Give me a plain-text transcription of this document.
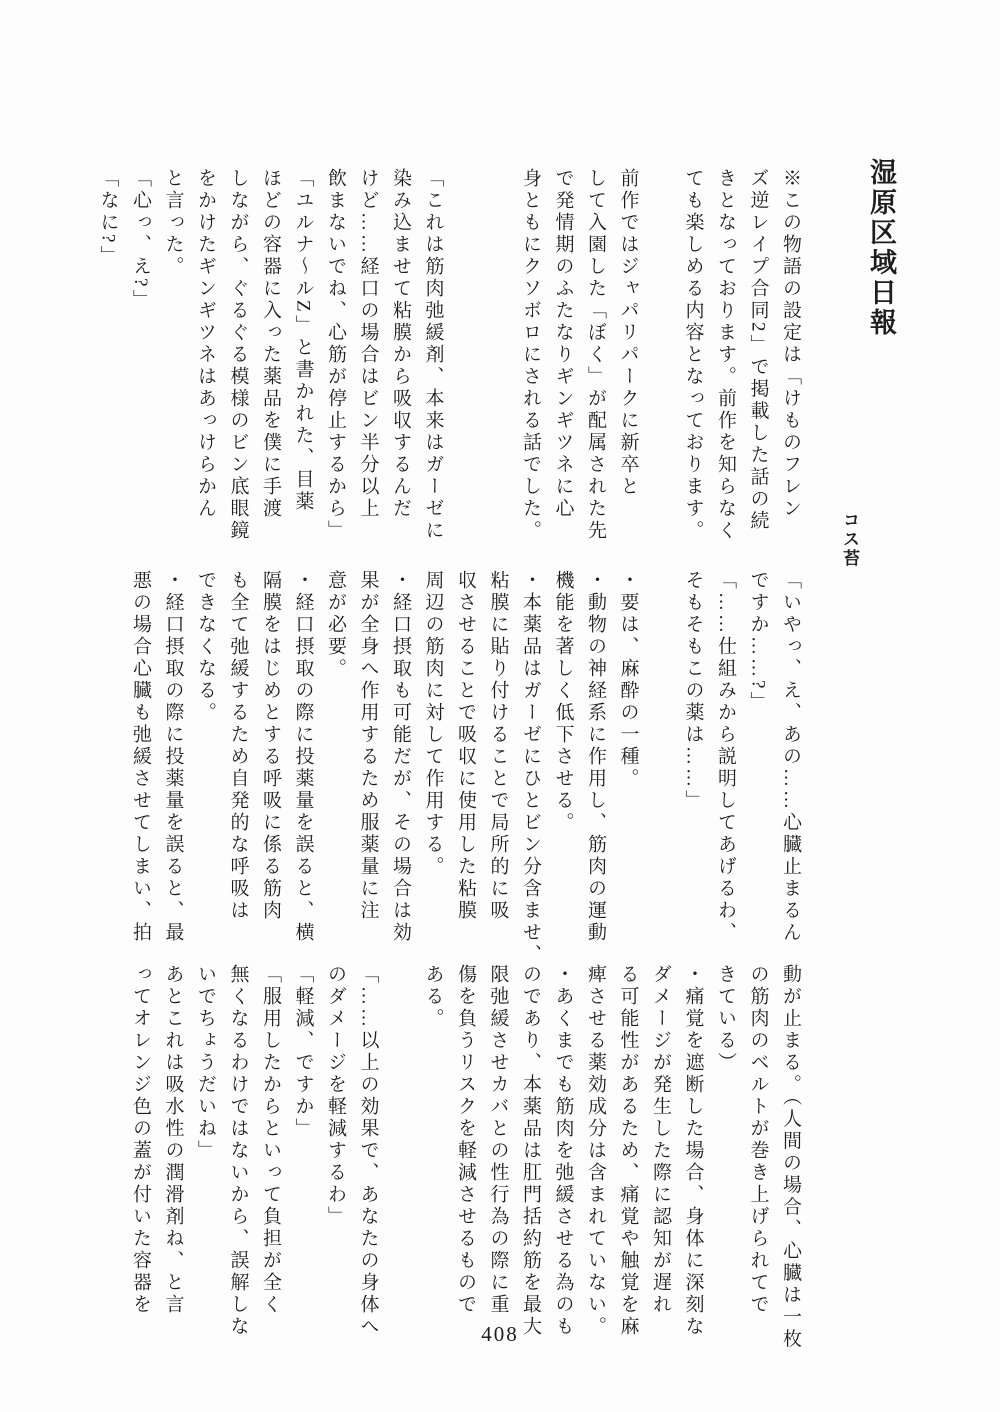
湿原区域日報
コス苔

※この物語の設定は「けものフレン

ズ逆レイプ合同2」で掲載した話の続

きとなっております。前作を知らなく

ても楽しめる内容となっております。

前作ではジャパリパークに新卒と

して入園した「ぼく」が配属された先

で発情期のふたなりギンギツネに心

身ともにクソボロにされる話でした。

「これは筋肉弛緩剤、本来はガーゼに

染み込ませて粘膜から吸収するんだ

けど……経口の場合はビン半分以上

飲まないでね、心筋が停止するから」

「ユルナ〜ルZ」と書かれた、目薬

ほどの容器に入った薬品を僕に手渡

しながら、ぐるぐる模様のビン底眼鏡

をかけたギンギツネはあっけらかん

と言った。

「心っ、え?」

「なに?」

「いやっ、え、あの……心臓止まるん

ですか……?」

「……仕組みから説明してあげるわ、

そもそもこの薬は……」

・要は、麻酔の一種。

・動物の神経系に作用し、筋肉の運動

機能を著しく低下させる。

・本薬品はガーゼにひとビン分含ませ、

粘膜に貼り付けることで局所的に吸

収させることで吸収に使用した粘膜

周辺の筋肉に対して作用する。

・経口摂取も可能だが、その場合は効

果が全身へ作用するため服薬量に注

意が必要。

・経口摂取の際に投薬量を誤ると、横

隔膜をはじめとする呼吸に係る筋肉

も全て弛緩するため自発的な呼吸は

できなくなる。

・経口摂取の際に投薬量を誤ると、最

悪の場合心臓も弛緩させてしまい、拍

動が止まる。（人間の場合、心臓は一枚

の筋肉のベルトが巻き上げられてで

きている）

・痛覚を遮断した場合、身体に深刻な

ダメージが発生した際に認知が遅れ

る可能性があるため、痛覚や触覚を麻

痺させる薬効成分は含まれていない。

・あくまでも筋肉を弛緩させる為のも

のであり、本薬品は肛門括約筋を最大

限弛緩させカバとの性行為の際に重

傷を負うリスクを軽減させるもので

ある。

「……以上の効果で、あなたの身体へ

のダメージを軽減するわ」

「軽減、ですか」

「服用したからといって負担が全く

無くなるわけではないから、誤解しな

いでちょうだいね」

あとこれは吸水性の潤滑剤ね、と言

ってオレンジ色の蓋が付いた容器を

408
